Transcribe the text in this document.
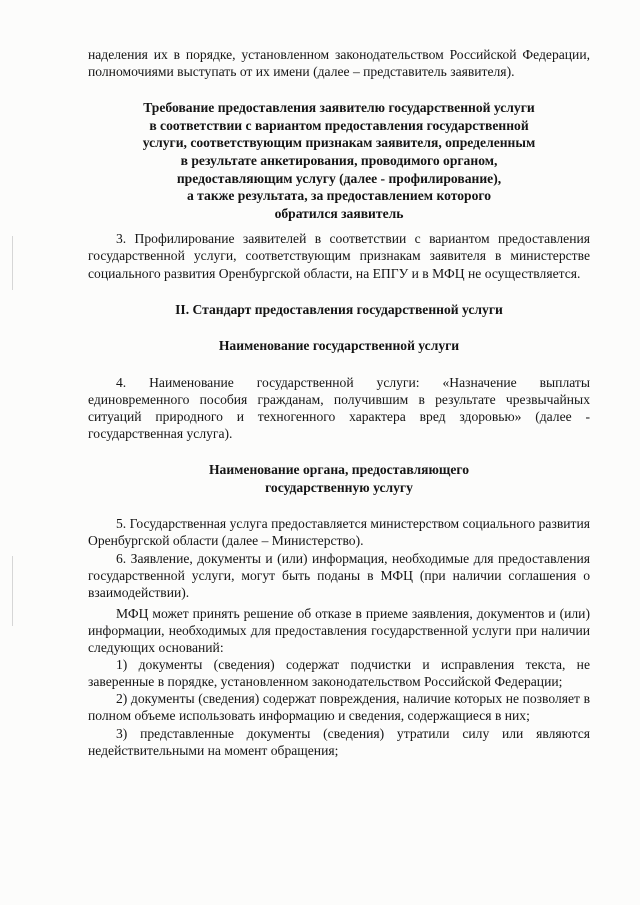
наделения их в порядке, установленном законодательством Российской Федерации, полномочиями выступать от их имени (далее – представитель заявителя).

Требование предоставления заявителю государственной услуги
в соответствии с вариантом предоставления государственной
услуги, соответствующим признакам заявителя, определенным
в результате анкетирования, проводимого органом,
предоставляющим услугу (далее - профилирование),
а также результата, за предоставлением которого
обратился заявитель

3. Профилирование заявителей в соответствии с вариантом предоставления государственной услуги, соответствующим признакам заявителя в министерстве социального развития Оренбургской области, на ЕПГУ и в МФЦ не осуществляется.

II. Стандарт предоставления государственной услуги

Наименование государственной услуги

4. Наименование государственной услуги: «Назначение выплаты единовременного пособия гражданам, получившим в результате чрезвычайных ситуаций природного и техногенного характера вред здоровью» (далее - государственная услуга).

Наименование органа, предоставляющего
государственную услугу

5. Государственная услуга предоставляется министерством социального развития Оренбургской области (далее – Министерство).

6. Заявление, документы и (или) информация, необходимые для предоставления государственной услуги, могут быть поданы в МФЦ (при наличии соглашения о взаимодействии).

МФЦ может принять решение об отказе в приеме заявления, документов и (или) информации, необходимых для предоставления государственной услуги при наличии следующих оснований:

1) документы (сведения) содержат подчистки и исправления текста, не заверенные в порядке, установленном законодательством Российской Федерации;

2) документы (сведения) содержат повреждения, наличие которых не позволяет в полном объеме использовать информацию и сведения, содержащиеся в них;

3) представленные документы (сведения) утратили силу или являются недействительными на момент обращения;
